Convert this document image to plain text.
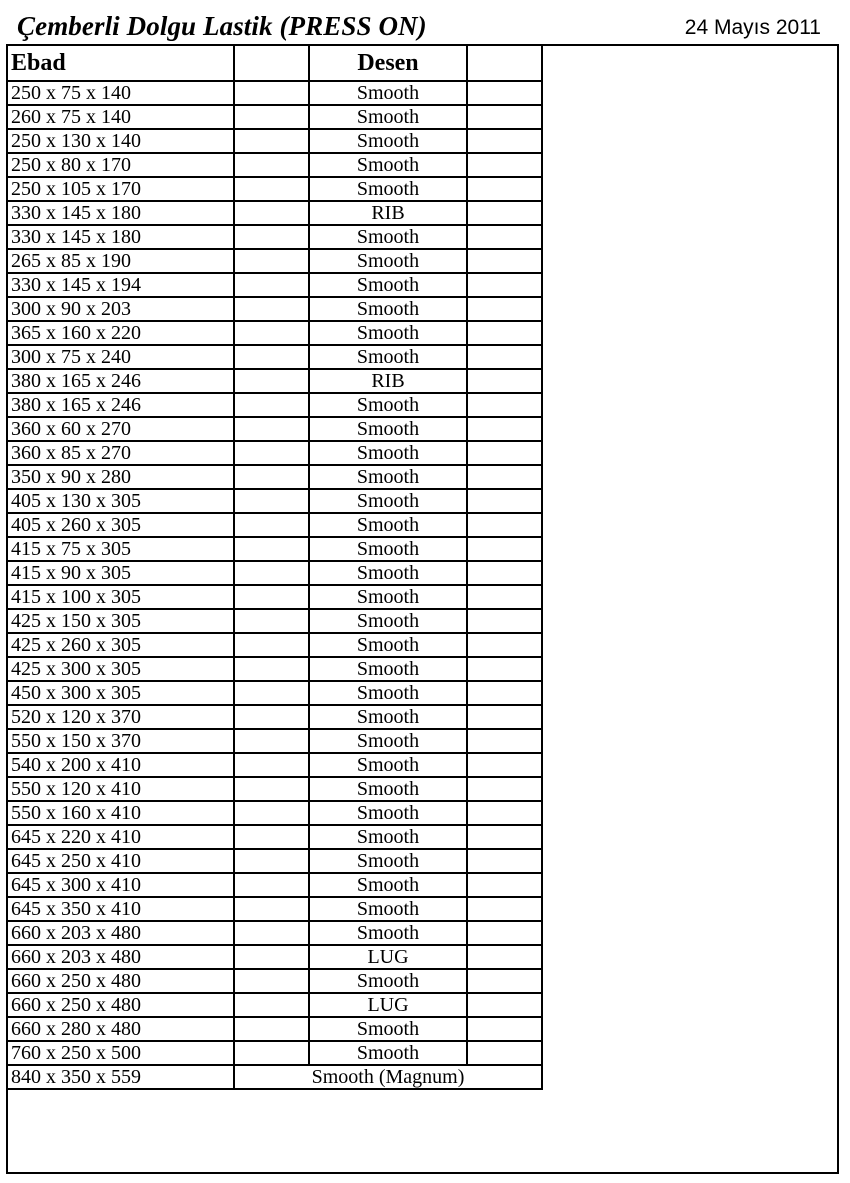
Çemberli Dolgu Lastik (PRESS ON)	24 Mayıs 2011
Ebad		Desen	
250 x 75 x 140		Smooth	
260 x 75 x 140		Smooth	
250 x 130 x 140		Smooth	
250 x 80 x 170		Smooth	
250 x 105 x 170		Smooth	
330 x 145 x 180		RIB	
330 x 145 x 180		Smooth	
265 x 85 x 190		Smooth	
330 x 145 x 194		Smooth	
300 x 90 x 203		Smooth	
365 x 160 x 220		Smooth	
300 x 75 x 240		Smooth	
380 x 165 x 246		RIB	
380 x 165 x 246		Smooth	
360 x 60 x 270		Smooth	
360 x 85 x 270		Smooth	
350 x 90 x 280		Smooth	
405 x 130 x 305		Smooth	
405 x 260 x 305		Smooth	
415 x 75 x 305		Smooth	
415 x 90 x 305		Smooth	
415 x 100 x 305		Smooth	
425 x 150 x 305		Smooth	
425 x 260 x 305		Smooth	
425 x 300 x 305		Smooth	
450 x 300 x 305		Smooth	
520 x 120 x 370		Smooth	
550 x 150 x 370		Smooth	
540 x 200 x 410		Smooth	
550 x 120 x 410		Smooth	
550 x 160 x 410		Smooth	
645 x 220 x 410		Smooth	
645 x 250 x 410		Smooth	
645 x 300 x 410		Smooth	
645 x 350 x 410		Smooth	
660 x 203 x 480		Smooth	
660 x 203 x 480		LUG	
660 x 250 x 480		Smooth	
660 x 250 x 480		LUG	
660 x 280 x 480		Smooth	
760 x 250 x 500		Smooth	
840 x 350 x 559	Smooth (Magnum)		
